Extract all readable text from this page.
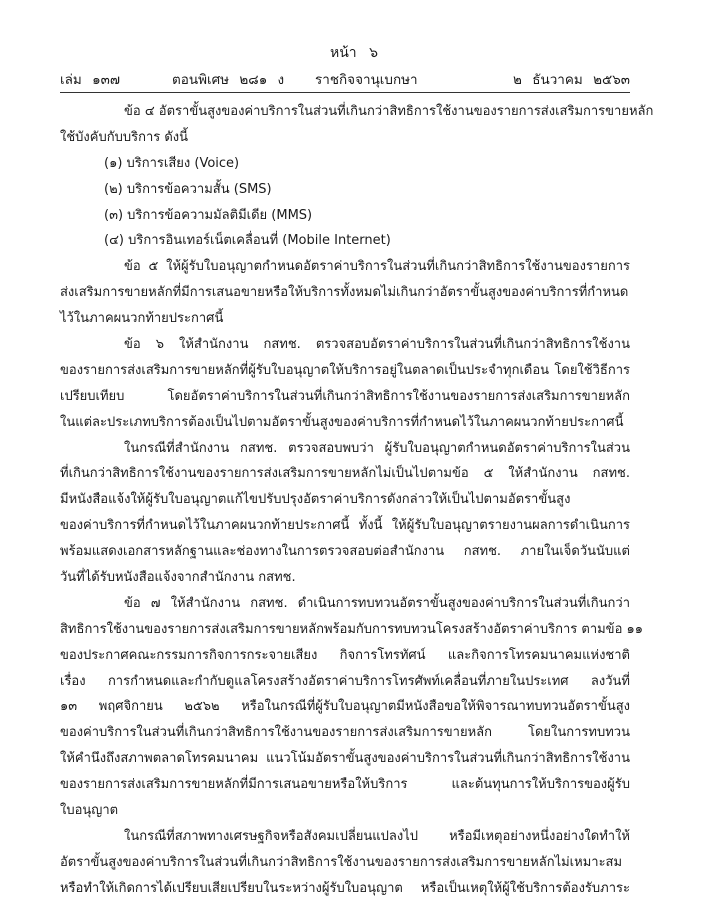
หน้า ๖
เล่ม ๑๓๗	ตอนพิเศษ ๒๘๑ ง ราชกิจจานุเบกษา	๒ ธันวาคม ๒๕๖๓
ข้อ ๔ อัตราขั้นสูงของค่าบริการในส่วนที่เกินกว่าสิทธิการใช้งานของรายการส่งเสริมการขายหลัก
ใช้บังคับกับบริการ ดังนี้
(๑) บริการเสียง (Voice)
(๒) บริการข้อความสั้น (SMS)
(๓) บริการข้อความมัลติมีเดีย (MMS)
(๔) บริการอินเทอร์เน็ตเคลื่อนที่ (Mobile Internet)
ข้อ ๕ ให้ผู้รับใบอนุญาตกำหนดอัตราค่าบริการในส่วนที่เกินกว่าสิทธิการใช้งานของรายการ
ส่งเสริมการขายหลักที่มีการเสนอขายหรือให้บริการทั้งหมดไม่เกินกว่าอัตราขั้นสูงของค่าบริการที่กำหนด
ไว้ในภาคผนวกท้ายประกาศนี้
ข้อ ๖ ให้สำนักงาน กสทช. ตรวจสอบอัตราค่าบริการในส่วนที่เกินกว่าสิทธิการใช้งาน
ของรายการส่งเสริมการขายหลักที่ผู้รับใบอนุญาตให้บริการอยู่ในตลาดเป็นประจำทุกเดือน โดยใช้วิธีการ
เปรียบเทียบ โดยอัตราค่าบริการในส่วนที่เกินกว่าสิทธิการใช้งานของรายการส่งเสริมการขายหลัก
ในแต่ละประเภทบริการต้องเป็นไปตามอัตราขั้นสูงของค่าบริการที่กำหนดไว้ในภาคผนวกท้ายประกาศนี้
ในกรณีที่สำนักงาน กสทช. ตรวจสอบพบว่า ผู้รับใบอนุญาตกำหนดอัตราค่าบริการในส่วน
ที่เกินกว่าสิทธิการใช้งานของรายการส่งเสริมการขายหลักไม่เป็นไปตามข้อ ๕ ให้สำนักงาน กสทช.
มีหนังสือแจ้งให้ผู้รับใบอนุญาตแก้ไขปรับปรุงอัตราค่าบริการดังกล่าวให้เป็นไปตามอัตราขั้นสูง
ของค่าบริการที่กำหนดไว้ในภาคผนวกท้ายประกาศนี้ ทั้งนี้ ให้ผู้รับใบอนุญาตรายงานผลการดำเนินการ
พร้อมแสดงเอกสารหลักฐานและช่องทางในการตรวจสอบต่อสำนักงาน กสทช. ภายในเจ็ดวันนับแต่
วันที่ได้รับหนังสือแจ้งจากสำนักงาน กสทช.
ข้อ ๗ ให้สำนักงาน กสทช. ดำเนินการทบทวนอัตราขั้นสูงของค่าบริการในส่วนที่เกินกว่า
สิทธิการใช้งานของรายการส่งเสริมการขายหลักพร้อมกับการทบทวนโครงสร้างอัตราค่าบริการ ตามข้อ ๑๑
ของประกาศคณะกรรมการกิจการกระจายเสียง กิจการโทรทัศน์ และกิจการโทรคมนาคมแห่งชาติ
เรื่อง การกำหนดและกำกับดูแลโครงสร้างอัตราค่าบริการโทรศัพท์เคลื่อนที่ภายในประเทศ ลงวันที่
๑๓ พฤศจิกายน ๒๕๖๒ หรือในกรณีที่ผู้รับใบอนุญาตมีหนังสือขอให้พิจารณาทบทวนอัตราขั้นสูง
ของค่าบริการในส่วนที่เกินกว่าสิทธิการใช้งานของรายการส่งเสริมการขายหลัก โดยในการทบทวน
ให้คำนึงถึงสภาพตลาดโทรคมนาคม แนวโน้มอัตราขั้นสูงของค่าบริการในส่วนที่เกินกว่าสิทธิการใช้งาน
ของรายการส่งเสริมการขายหลักที่มีการเสนอขายหรือให้บริการ และต้นทุนการให้บริการของผู้รับ
ใบอนุญาต
ในกรณีที่สภาพทางเศรษฐกิจหรือสังคมเปลี่ยนแปลงไป หรือมีเหตุอย่างหนึ่งอย่างใดทำให้
อัตราขั้นสูงของค่าบริการในส่วนที่เกินกว่าสิทธิการใช้งานของรายการส่งเสริมการขายหลักไม่เหมาะสม
หรือทำให้เกิดการได้เปรียบเสียเปรียบในระหว่างผู้รับใบอนุญาต หรือเป็นเหตุให้ผู้ใช้บริการต้องรับภาระ
